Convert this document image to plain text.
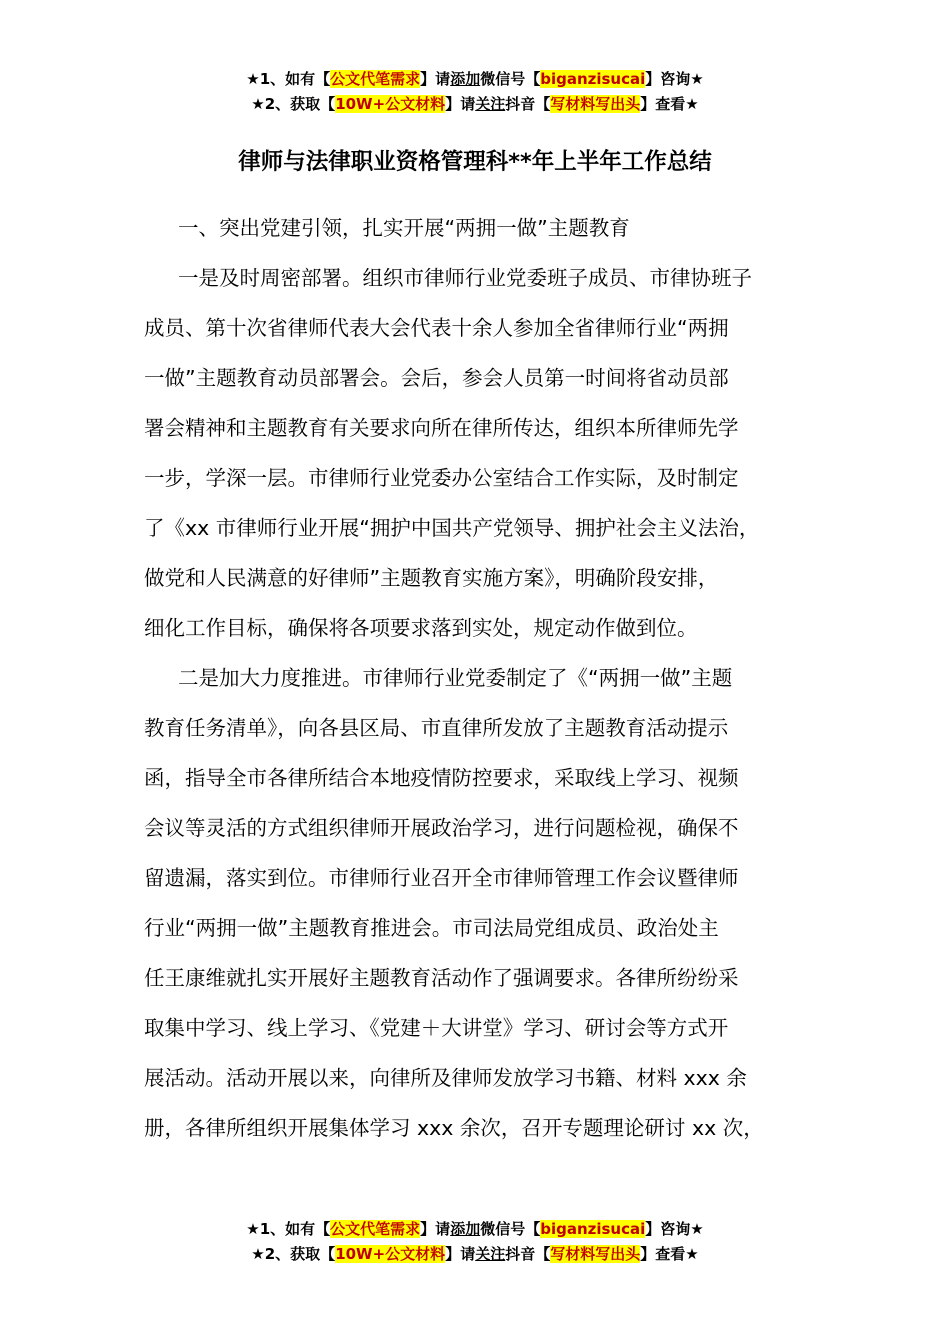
★1、如有【公文代笔需求】请添加微信号【biganzisucai】咨询★
★2、获取【10W+公文材料】请关注抖音【写材料写出头】查看★
律师与法律职业资格管理科**年上半年工作总结
一、突出党建引领，扎实开展“两拥一做”主题教育
一是及时周密部署。组织市律师行业党委班子成员、市律协班子
成员、第十次省律师代表大会代表十余人参加全省律师行业“两拥
一做”主题教育动员部署会。会后，参会人员第一时间将省动员部
署会精神和主题教育有关要求向所在律所传达，组织本所律师先学
一步，学深一层。市律师行业党委办公室结合工作实际，及时制定
了《xx 市律师行业开展“拥护中国共产党领导、拥护社会主义法治，
做党和人民满意的好律师”主题教育实施方案》，明确阶段安排，
细化工作目标，确保将各项要求落到实处，规定动作做到位。
二是加大力度推进。市律师行业党委制定了《“两拥一做”主题
教育任务清单》，向各县区局、市直律所发放了主题教育活动提示
函，指导全市各律所结合本地疫情防控要求，采取线上学习、视频
会议等灵活的方式组织律师开展政治学习，进行问题检视，确保不
留遗漏，落实到位。市律师行业召开全市律师管理工作会议暨律师
行业“两拥一做”主题教育推进会。市司法局党组成员、政治处主
任王康维就扎实开展好主题教育活动作了强调要求。各律所纷纷采
取集中学习、线上学习、《党建＋大讲堂》学习、研讨会等方式开
展活动。活动开展以来，向律所及律师发放学习书籍、材料 xxx 余
册，各律所组织开展集体学习 xxx 余次，召开专题理论研讨 xx 次，
★1、如有【公文代笔需求】请添加微信号【biganzisucai】咨询★
★2、获取【10W+公文材料】请关注抖音【写材料写出头】查看★
